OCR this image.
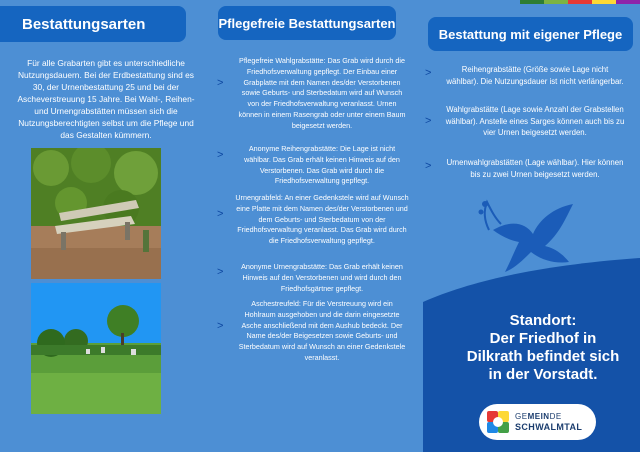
Bestattungsarten

Für alle Grabarten gibt es unterschiedliche Nutzungsdauern. Bei der Erdbestattung sind es 30, der Urnenbestattung 25 und bei der Ascheverstreuung 15 Jahre. Bei Wahl-, Reihen- und Urnengrabstätten müssen sich die Nutzungsberechtigten selbst um die Pflege und das Gestalten kümmern.

Pflegefreie Bestattungsarten
>
Pflegefreie Wahlgrabstätte: Das Grab wird durch die Friedhofsverwaltung gepflegt. Der Einbau einer Grabplatte mit dem Namen des/der Verstorbenen sowie Geburts- und Sterbedatum wird auf Wunsch von der Friedhofsverwaltung veranlasst. Urnen können in einem Rasengrab oder unter einem Baum beigesetzt werden.
>
Anonyme Reihengrabstätte: Die Lage ist nicht wählbar. Das Grab erhält keinen Hinweis auf den Verstorbenen. Das Grab wird durch die Friedhofsverwaltung gepflegt.
>
Urnengrabfeld: An einer Gedenkstele wird auf Wunsch eine Platte mit dem Namen des/der Verstorbenen und dem Geburts- und Sterbedatum von der Friedhofsverwaltung veranlasst. Das Grab wird durch die Friedhofsverwaltung gepflegt.
> Anonyme Urnengrabstätte: Das Grab erhält keinen Hinweis auf den Verstorbenen und wird durch den Friedhofsgärtner gepflegt.
>
Aschestreufeld: Für die Verstreuung wird ein Hohlraum ausgehoben und die darin eingesetzte Asche anschließend mit dem Aushub bedeckt. Der Name des/der Beigesetzen sowie Geburts- und Sterbedatum wird auf Wunsch an einer Gedenkstele veranlasst.
Bestattung mit eigener Pflege
>	Reihengrabstätte (Größe sowie Lage nicht wählbar). Die Nutzungsdauer ist nicht verlängerbar.
>
Wahlgrabstätte (Lage sowie Anzahl der Grabstellen wählbar). Anstelle eines Sarges können auch bis zu vier Urnen beigesetzt werden.
> Urnenwahlgrabstätten (Lage wählbar). Hier können bis zu zwei Urnen beigesetzt werden.
Standort:
Der Friedhof in
Dilkrath befindet sich
in der Vorstadt.
GEMEINDE
SCHWALMTAL
